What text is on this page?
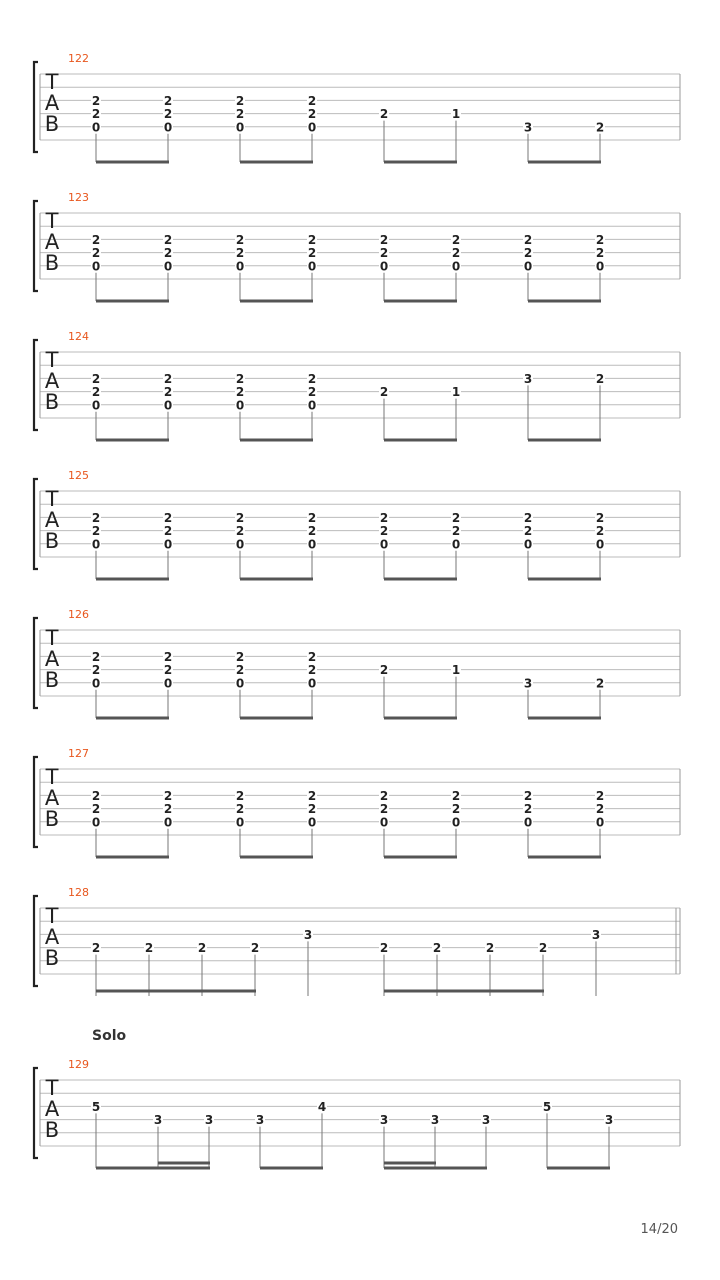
122
T
A
B
2
2
0
2
2
0
2
2
0
2
2
0
2	1
3	2
123
T
A
B
2
2
0
2
2
0
2
2
0
2
2
0
2
2
0
2
2
0
2
2
0
2
2
0
124
T
A
B
2
2
0
2
2
0
2
2
0
2
2
0
2	1
3	2
125
T
A
B
2
2
0
2
2
0
2
2
0
2
2
0
2
2
0
2
2
0
2
2
0
2
2
0
126
T
A
B
2
2
0
2
2
0
2
2
0
2
2
0
2	1
3	2
127
T
A
B
2
2
0
2
2
0
2
2
0
2
2
0
2
2
0
2
2
0
2
2
0
2
2
0
128
T
A
B	2	2	2	2
3
2	2	2	2
3
Solo
129
T
A
B
5
3	3	3
4
3	3	3
5
3
14/20
